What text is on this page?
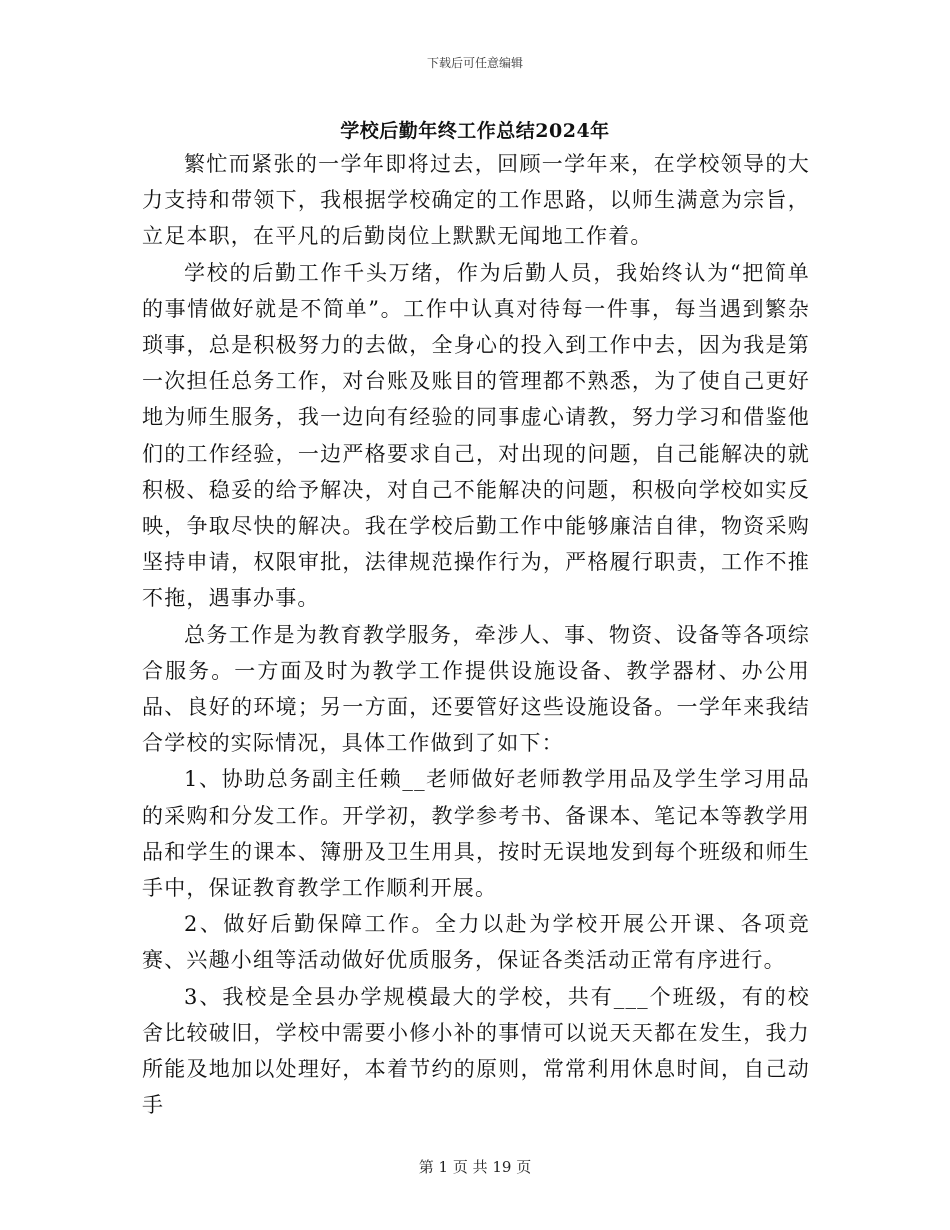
下载后可任意编辑
学校后勤年终工作总结2024年

繁忙而紧张的一学年即将过去，回顾一学年来，在学校领导的大力支持和带领下，我根据学校确定的工作思路，以师生满意为宗旨，立足本职，在平凡的后勤岗位上默默无闻地工作着。

学校的后勤工作千头万绪，作为后勤人员，我始终认为“把简单的事情做好就是不简单”。工作中认真对待每一件事，每当遇到繁杂琐事，总是积极努力的去做，全身心的投入到工作中去，因为我是第一次担任总务工作，对台账及账目的管理都不熟悉，为了使自己更好地为师生服务，我一边向有经验的同事虚心请教，努力学习和借鉴他们的工作经验，一边严格要求自己，对出现的问题，自己能解决的就积极、稳妥的给予解决，对自己不能解决的问题，积极向学校如实反映，争取尽快的解决。我在学校后勤工作中能够廉洁自律，物资采购坚持申请，权限审批，法律规范操作行为，严格履行职责，工作不推不拖，遇事办事。

总务工作是为教育教学服务，牵涉人、事、物资、设备等各项综合服务。一方面及时为教学工作提供设施设备、教学器材、办公用品、良好的环境；另一方面，还要管好这些设施设备。一学年来我结合学校的实际情况，具体工作做到了如下：

1、协助总务副主任赖__老师做好老师教学用品及学生学习用品的采购和分发工作。开学初，教学参考书、备课本、笔记本等教学用品和学生的课本、簿册及卫生用具，按时无误地发到每个班级和师生手中，保证教育教学工作顺利开展。

2、做好后勤保障工作。全力以赴为学校开展公开课、各项竞赛、兴趣小组等活动做好优质服务，保证各类活动正常有序进行。

3、我校是全县办学规模最大的学校，共有___个班级，有的校舍比较破旧，学校中需要小修小补的事情可以说天天都在发生，我力所能及地加以处理好，本着节约的原则，常常利用休息时间，自己动手

第 1 页 共 19 页
